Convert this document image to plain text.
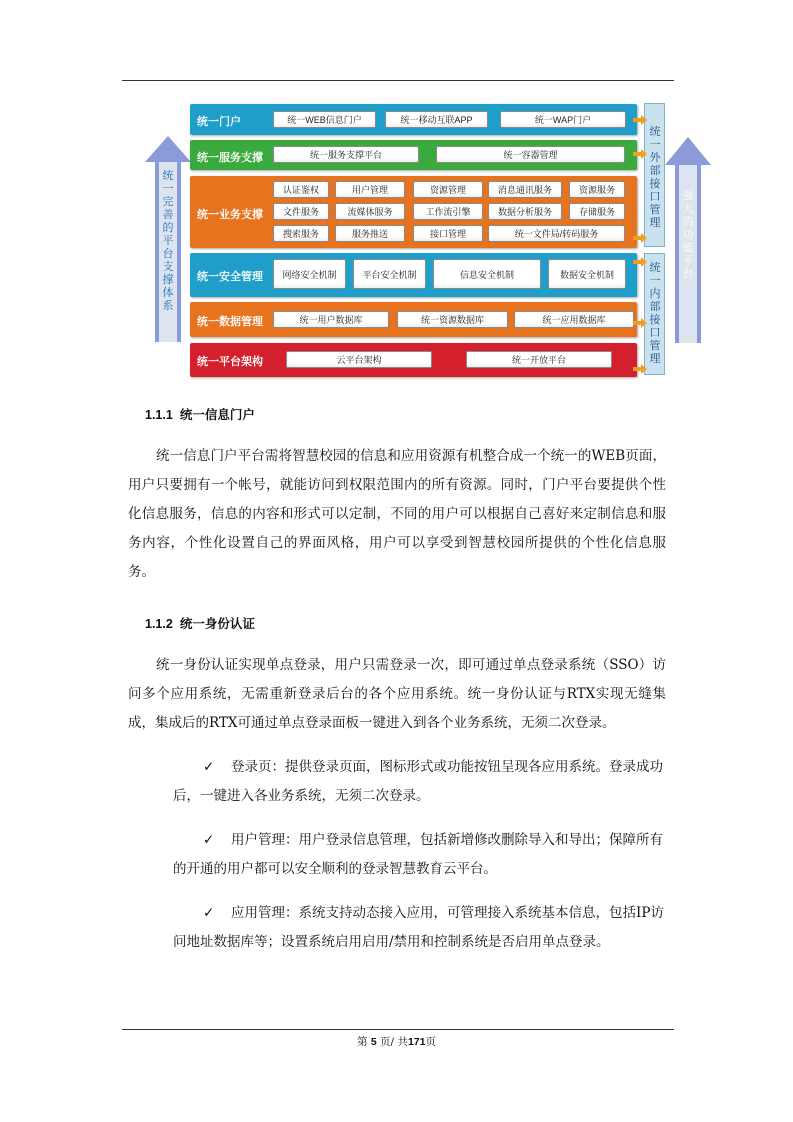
统一完善的平台支撑体系
强大的功能平台
统一外部接口管理
统一内部接口管理
统一门户	统一WEB信息门户	统一移动互联APP	统一WAP门户
统一服务支撑	统一服务支撑平台	统一容器管理
统一业务支撑
认证鉴权	用户管理	资源管理	消息通讯服务	资源服务
文件服务	流媒体服务	工作流引擎	数据分析服务	存储服务
搜索服务	服务推送	接口管理	统一文件局/转码服务
统一安全管理	网络安全机制	平台安全机制	信息安全机制	数据安全机制
统一数据管理	统一用户数据库	统一资源数据库	统一应用数据库
统一平台架构	云平台架构	统一开放平台
1.1.1 统一信息门户

统一信息门户平台需将智慧校园的信息和应用资源有机整合成一个统一的WEB页面，用户只要拥有一个帐号，就能访问到权限范围内的所有资源。同时，门户平台要提供个性化信息服务，信息的内容和形式可以定制，不同的用户可以根据自己喜好来定制信息和服务内容，个性化设置自己的界面风格，用户可以享受到智慧校园所提供的个性化信息服务。

1.1.2 统一身份认证

统一身份认证实现单点登录，用户只需登录一次，即可通过单点登录系统（SSO）访问多个应用系统，无需重新登录后台的各个应用系统。统一身份认证与RTX实现无缝集成，集成后的RTX可通过单点登录面板一键进入到各个业务系统，无须二次登录。

✓ 登录页：提供登录页面，图标形式或功能按钮呈现各应用系统。登录成功后，一键进入各业务系统，无须二次登录。

✓ 用户管理：用户登录信息管理，包括新增修改删除导入和导出；保障所有的开通的用户都可以安全顺利的登录智慧教育云平台。

✓ 应用管理：系统支持动态接入应用，可管理接入系统基本信息，包括IP访问地址数据库等；设置系统启用启用/禁用和控制系统是否启用单点登录。

第 5 页/ 共171页
